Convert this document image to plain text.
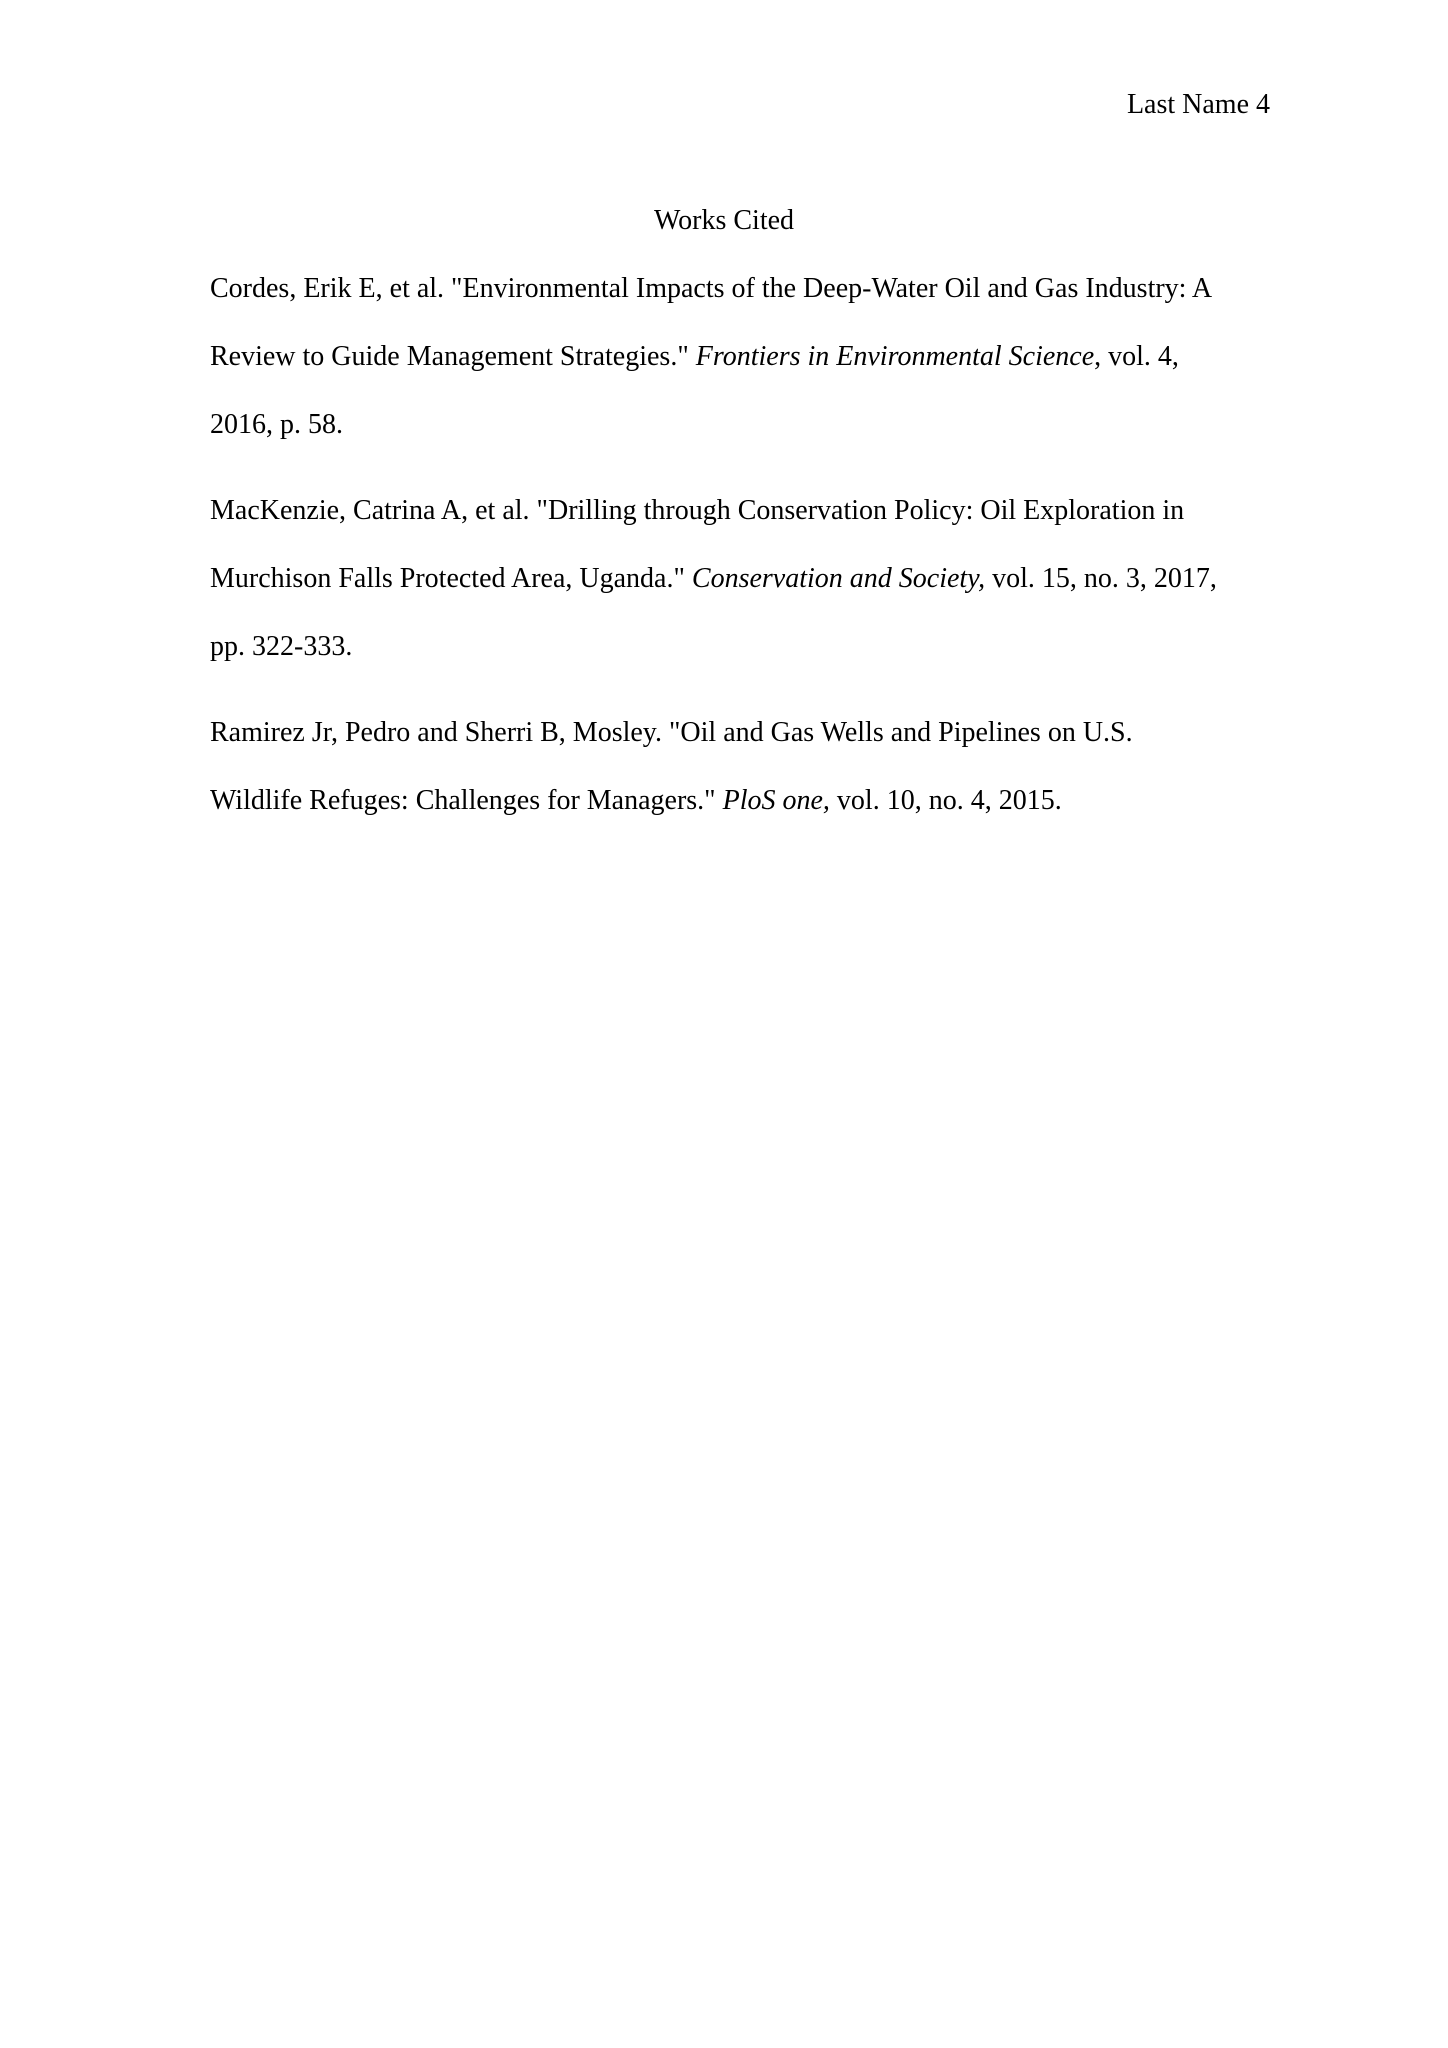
Last Name 4
Works Cited

Cordes, Erik E, et al. "Environmental Impacts of the Deep-Water Oil and Gas Industry: A
Review to Guide Management Strategies." Frontiers in Environmental Science, vol. 4,
2016, p. 58.

MacKenzie, Catrina A, et al. "Drilling through Conservation Policy: Oil Exploration in
Murchison Falls Protected Area, Uganda." Conservation and Society, vol. 15, no. 3, 2017,
pp. 322-333.

Ramirez Jr, Pedro and Sherri B, Mosley. "Oil and Gas Wells and Pipelines on U.S.
Wildlife Refuges: Challenges for Managers." PloS one, vol. 10, no. 4, 2015.
